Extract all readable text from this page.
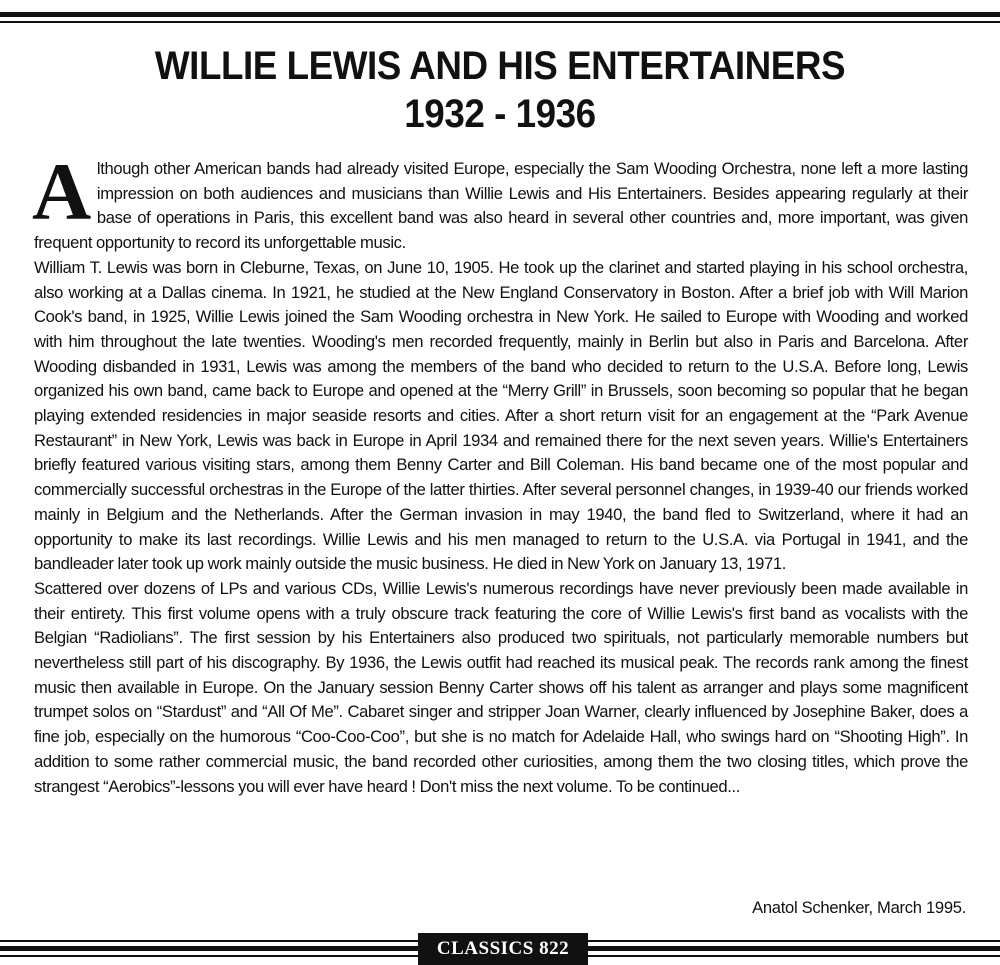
WILLIE LEWIS AND HIS ENTERTAINERS
1932 - 1936

Although other American bands had already visited Europe, especially the Sam Wooding Orchestra, none left a more lasting impression on both audiences and musicians than Willie Lewis and His Entertainers. Besides appearing regularly at their base of operations in Paris, this excellent band was also heard in several other countries and, more important, was given frequent opportunity to record its unforgettable music.

William T. Lewis was born in Cleburne, Texas, on June 10, 1905. He took up the clarinet and started playing in his school orchestra, also working at a Dallas cinema. In 1921, he studied at the New England Conservatory in Boston. After a brief job with Will Marion Cook's band, in 1925, Willie Lewis joined the Sam Wooding orchestra in New York. He sailed to Europe with Wooding and worked with him throughout the late twenties. Wooding's men recorded frequently, mainly in Berlin but also in Paris and Barcelona. After Wooding disbanded in 1931, Lewis was among the members of the band who decided to return to the U.S.A. Before long, Lewis organized his own band, came back to Europe and opened at the “Merry Grill” in Brussels, soon becoming so popular that he began playing extended residencies in major seaside resorts and cities. After a short return visit for an engagement at the “Park Avenue Restaurant” in New York, Lewis was back in Europe in April 1934 and remained there for the next seven years. Willie's Entertainers briefly featured various visiting stars, among them Benny Carter and Bill Coleman. His band became one of the most popular and commercially successful orchestras in the Europe of the latter thirties. After several personnel changes, in 1939-40 our friends worked mainly in Belgium and the Netherlands. After the German invasion in may 1940, the band fled to Switzerland, where it had an opportunity to make its last recordings. Willie Lewis and his men managed to return to the U.S.A. via Portugal in 1941, and the bandleader later took up work mainly outside the music business. He died in New York on January 13, 1971.

Scattered over dozens of LPs and various CDs, Willie Lewis's numerous recordings have never previously been made available in their entirety. This first volume opens with a truly obscure track featuring the core of Willie Lewis's first band as vocalists with the Belgian “Radiolians”. The first session by his Entertainers also produced two spirituals, not particularly memorable numbers but nevertheless still part of his discography. By 1936, the Lewis outfit had reached its musical peak. The records rank among the finest music then available in Europe. On the January session Benny Carter shows off his talent as arranger and plays some magnificent trumpet solos on “Stardust” and “All Of Me”. Cabaret singer and stripper Joan Warner, clearly influenced by Josephine Baker, does a fine job, especially on the humorous “Coo-Coo-Coo”, but she is no match for Adelaide Hall, who swings hard on “Shooting High”. In addition to some rather commercial music, the band recorded other curiosities, among them the two closing titles, which prove the strangest “Aerobics”-lessons you will ever have heard ! Don't miss the next volume. To be continued...

Anatol Schenker, March 1995.
CLASSICS 822
